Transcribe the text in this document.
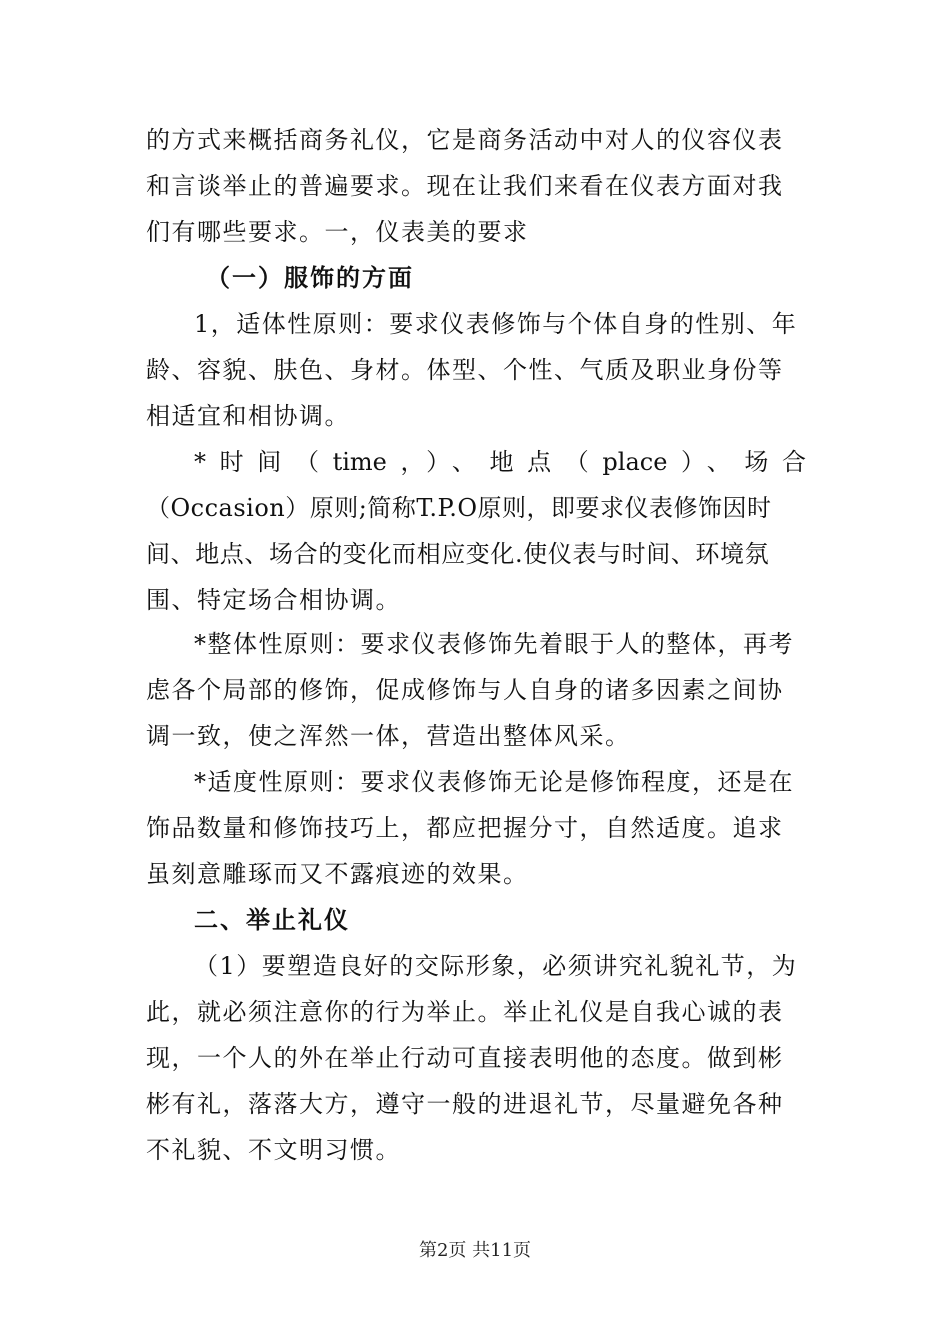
的方式来概括商务礼仪，它是商务活动中对人的仪容仪表
和言谈举止的普遍要求。现在让我们来看在仪表方面对我
们有哪些要求。一，仪表美的要求
（一）服饰的方面
1，适体性原则：要求仪表修饰与个体自身的性别、年
龄、容貌、肤色、身材。体型、个性、气质及职业身份等
相适宜和相协调。
*时间（time，）、地点（place）、场合
（Occasion）原则;简称T.P.O原则，即要求仪表修饰因时
间、地点、场合的变化而相应变化.使仪表与时间、环境氛
围、特定场合相协调。
*整体性原则：要求仪表修饰先着眼于人的整体，再考
虑各个局部的修饰，促成修饰与人自身的诸多因素之间协
调一致，使之浑然一体，营造出整体风采。
*适度性原则：要求仪表修饰无论是修饰程度，还是在
饰品数量和修饰技巧上，都应把握分寸，自然适度。追求
虽刻意雕琢而又不露痕迹的效果。
二、举止礼仪
（1）要塑造良好的交际形象，必须讲究礼貌礼节，为
此，就必须注意你的行为举止。举止礼仪是自我心诚的表
现，一个人的外在举止行动可直接表明他的态度。做到彬
彬有礼，落落大方，遵守一般的进退礼节，尽量避免各种
不礼貌、不文明习惯。
第2页 共11页
